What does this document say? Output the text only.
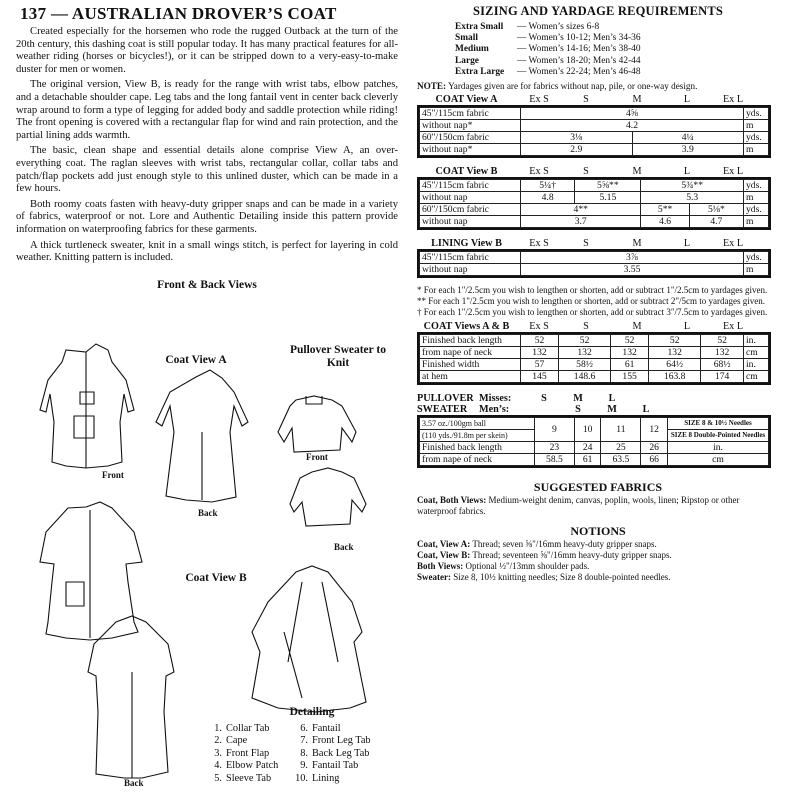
137 — AUSTRALIAN DROVER’S COAT

Created especially for the horsemen who rode the rugged Outback at the turn of the 20th century, this dashing coat is still popular today. It has many practical features for all-weather riding (horses or bicycles!), or it can be stripped down to a very-easy-to-make duster for men or women.

The original version, View B, is ready for the range with wrist tabs, elbow patches, and a detachable shoulder cape. Leg tabs and the long fantail vent in center back cleverly wrap around to form a type of legging for added body and saddle protection while riding! The front opening is covered with a rectangular flap for wind and rain protection, and the partial lining adds warmth.

The basic, clean shape and essential details alone comprise View A, an over-everything coat. The raglan sleeves with wrist tabs, rectangular collar, collar tabs and patch/flap pockets add just enough style to this unlined duster, which can be made in a few hours.

Both roomy coats fasten with heavy-duty gripper snaps and can be made in a variety of fabrics, waterproof or not. Lore and Authentic Detailing inside this pattern provide information on waterproofing fabrics for these garments.

A thick turtleneck sweater, knit in a small wings stitch, is perfect for layering in cold weather. Knitting pattern is included.

Front & Back Views
Coat View A
Pullover Sweater to Knit
Front
Back
Front
Back
Coat View B
Back
Detailing
1. Collar Tab
2. Cape
3. Front Flap
4. Elbow Patch
5. Sleeve Tab
6. Fantail
7. Front Leg Tab
8. Back Leg Tab
9. Fantail Tab
10. Lining
SIZING AND YARDAGE REQUIREMENTS
Extra Small — Women’s sizes 6-8
Small	— Women’s 10-12; Men’s 34-36
Medium	— Women’s 14-16; Men’s 38-40
Large	— Women’s 18-20; Men’s 42-44
Extra Large — Women’s 22-24; Men’s 46-48
NOTE: Yardages given are for fabrics without nap, pile, or one-way design.
COAT View A	Ex S	S	M	L	Ex L
45"/115cm fabric	4⅝		yds.
without nap*	4.2		m
60"/150cm fabric	3⅛	4¼	yds.
without nap*	2.9	3.9	m
COAT View B	Ex S	S	M	L	Ex L
45"/115cm fabric	5¼†	5⅝**	5¾**		yds.
without nap	4.8	5.15	5.3		m
60"/150cm fabric	4**		5**	5⅛*	yds.
without nap	3.7		4.6	4.7	m
LINING View B	Ex S	S	M	L	Ex L
45"/115cm fabric	3⅞	yds.
without nap	3.55	m
* For each 1"/2.5cm you wish to lengthen or shorten, add or subtract 1"/2.5cm to yardages given.
** For each 1"/2.5cm you wish to lengthen or shorten, add or subtract 2"/5cm to yardages given.
† For each 1"/2.5cm you wish to lengthen or shorten, add or subtract 3"/7.5cm to yardages given.
COAT Views A & B	Ex S	S	M	L	Ex L
Finished back length	52	52	52	52	52	in.
from nape of neck	132	132	132	132	132	cm
Finished width	57	58½	61	64½	68½	in.
at hem	145	148.6	155	163.8	174	cm
PULLOVER Misses:	S	M	L
SWEATER	Men’s:	S	M	L
3.57 oz./100gm ball	9	10	11	12	SIZE 8 & 10½ Needles
(110 yds./91.8m per skein)					SIZE 8 Double-Pointed Needles
Finished back length	23	24	25	26	in.
from nape of neck	58.5	61	63.5	66	cm
SUGGESTED FABRICS
Coat, Both Views: Medium-weight denim, canvas, poplin, wools, linen; Ripstop or other waterproof fabrics.
NOTIONS
Coat, View A: Thread; seven ⅝"/16mm heavy-duty gripper snaps.
Coat, View B: Thread; seventeen ⅝"/16mm heavy-duty gripper snaps.
Both Views: Optional ½"/13mm shoulder pads.
Sweater: Size 8, 10½ knitting needles; Size 8 double-pointed needles.
